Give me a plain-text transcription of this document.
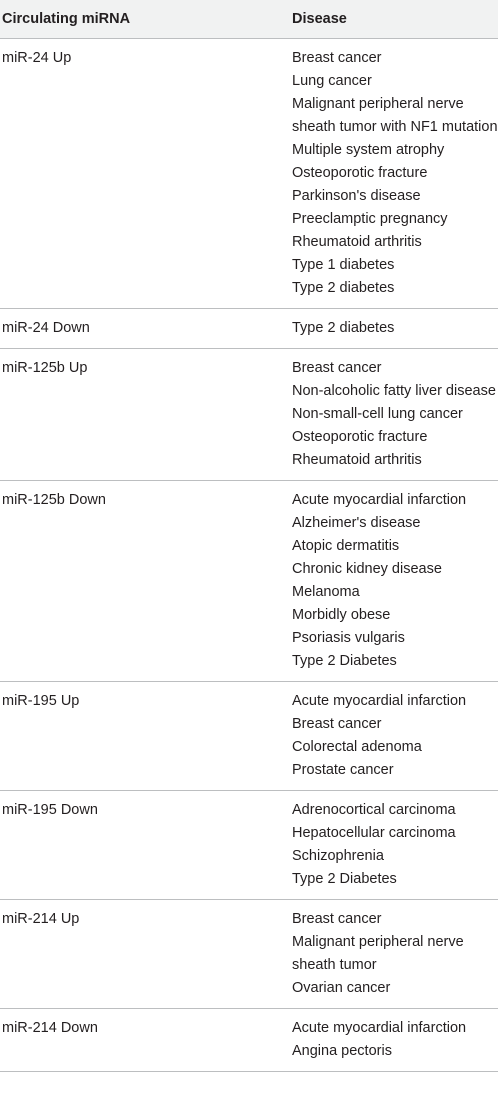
Circulating miRNA	Disease
miR-24 Up	Breast cancer
Lung cancer
Malignant peripheral nerve sheath tumor with NF1 mutation
Multiple system atrophy
Osteoporotic fracture
Parkinson's disease
Preeclamptic pregnancy
Rheumatoid arthritis
Type 1 diabetes
Type 2 diabetes
miR-24 Down	Type 2 diabetes
miR-125b Up	Breast cancer
Non-alcoholic fatty liver disease
Non-small-cell lung cancer
Osteoporotic fracture
Rheumatoid arthritis
miR-125b Down	Acute myocardial infarction
Alzheimer's disease
Atopic dermatitis
Chronic kidney disease
Melanoma
Morbidly obese
Psoriasis vulgaris
Type 2 Diabetes
miR-195 Up	Acute myocardial infarction
Breast cancer
Colorectal adenoma
Prostate cancer
miR-195 Down	Adrenocortical carcinoma
Hepatocellular carcinoma
Schizophrenia
Type 2 Diabetes
miR-214 Up	Breast cancer
Malignant peripheral nerve sheath tumor
Ovarian cancer
miR-214 Down	Acute myocardial infarction
Angina pectoris
